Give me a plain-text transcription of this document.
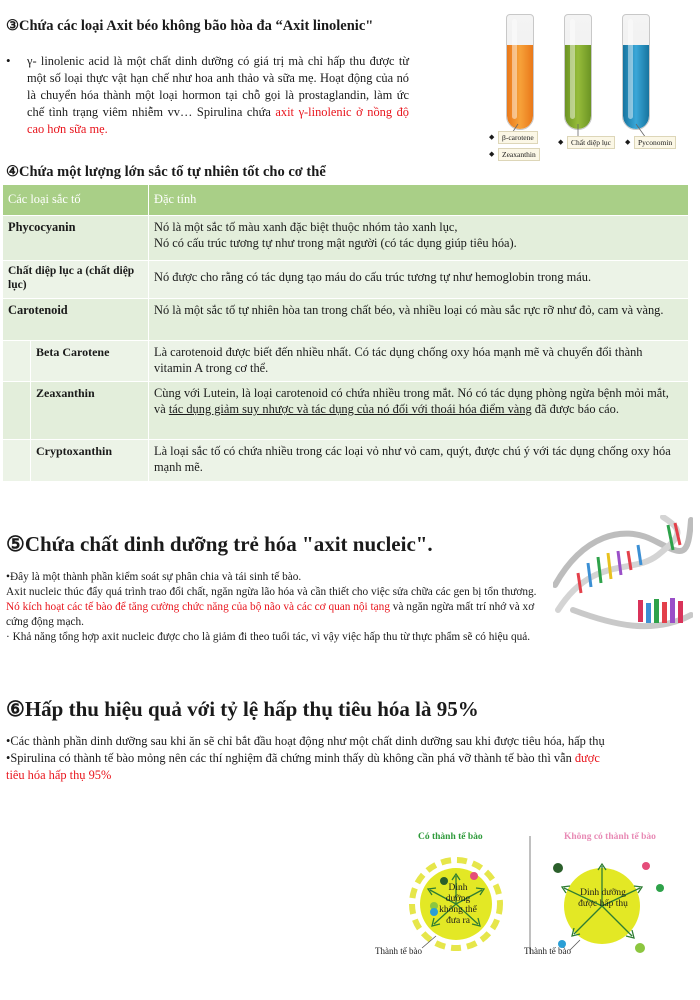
③Chứa các loại Axit béo không bão hòa đa “Axit linolenic"
• γ- linolenic acid là một chất dinh dưỡng có giá trị mà chỉ hấp thu được từ một số loại thực vật hạn chế như hoa anh thảo và sữa mẹ. Hoạt động của nó là chuyển hóa thành một loại hormon tại chỗ gọi là prostaglandin, làm ức chế tình trạng viêm nhiễm vv… Spirulina chứa axit γ-linolenic ở nồng độ cao hơn sữa mẹ.
◆	β-carotene
◆	Zeaxanthin
◆	Chất diệp lục	◆	Pyconomin
④Chứa một lượng lớn sắc tố tự nhiên tốt cho cơ thể
Các loại sắc tố		Đặc tính
Phycocyanin		Nó là một sắc tố màu xanh đặc biệt thuộc nhóm tảo xanh lục,
Nó có cấu trúc tương tự như trong mật người (có tác dụng giúp tiêu hóa).

Chất diệp lục a (chất diệp lục)		Nó được cho rằng có tác dụng tạo máu do cấu trúc tương tự như hemoglobin trong máu.
Carotenoid		Nó là một sắc tố tự nhiên hòa tan trong chất béo, và nhiều loại có màu sắc rực rỡ như đỏ, cam và vàng.
	Beta Carotene	Là carotenoid được biết đến nhiều nhất. Có tác dụng chống oxy hóa mạnh mẽ và chuyển đổi thành vitamin A trong cơ thể.
	Zeaxanthin	Cùng với Lutein, là loại carotenoid có chứa nhiều trong mắt. Nó có tác dụng phòng ngừa bệnh mỏi mắt, và tác dụng giảm suy nhược và tác dụng của nó đối với thoái hóa điểm vàng đã được báo cáo.
	Cryptoxanthin	Là loại sắc tố có chứa nhiều trong các loại vỏ như vỏ cam, quýt, được chú ý với tác dụng chống oxy hóa mạnh mẽ.
⑤Chứa chất dinh dưỡng trẻ hóa "axit nucleic".
•Đây là một thành phần kiểm soát sự phân chia và tái sinh tế bào.
Axit nucleic thúc đẩy quá trình trao đổi chất, ngăn ngừa lão hóa và cần thiết cho việc sửa chữa các gen bị tổn thương.
Nó kích hoạt các tế bào để tăng cường chức năng của bộ não và các cơ quan nội tạng và ngăn ngừa mất trí nhớ và xơ cứng động mạch.
· Khả năng tổng hợp axit nucleic được cho là giảm đi theo tuổi tác, vì vậy việc hấp thu từ thực phẩm sẽ có hiệu quả.
⑥Hấp thu hiệu quả với tỷ lệ hấp thụ tiêu hóa là 95%
•Các thành phần dinh dưỡng sau khi ăn sẽ chỉ bắt đầu hoạt động như một chất dinh dưỡng sau khi được tiêu hóa, hấp thụ
•Spirulina có thành tế bào mỏng nên các thí nghiệm đã chứng minh thấy dù không cần phá vỡ thành tế bào thì vẫn được tiêu hóa hấp thụ 95%
Có thành tế bào	Không có thành tế bào
Dinh dưỡng không thể đưa ra
Dinh dưỡng được hấp thụ
Thành tế bào	Thành tế bào
